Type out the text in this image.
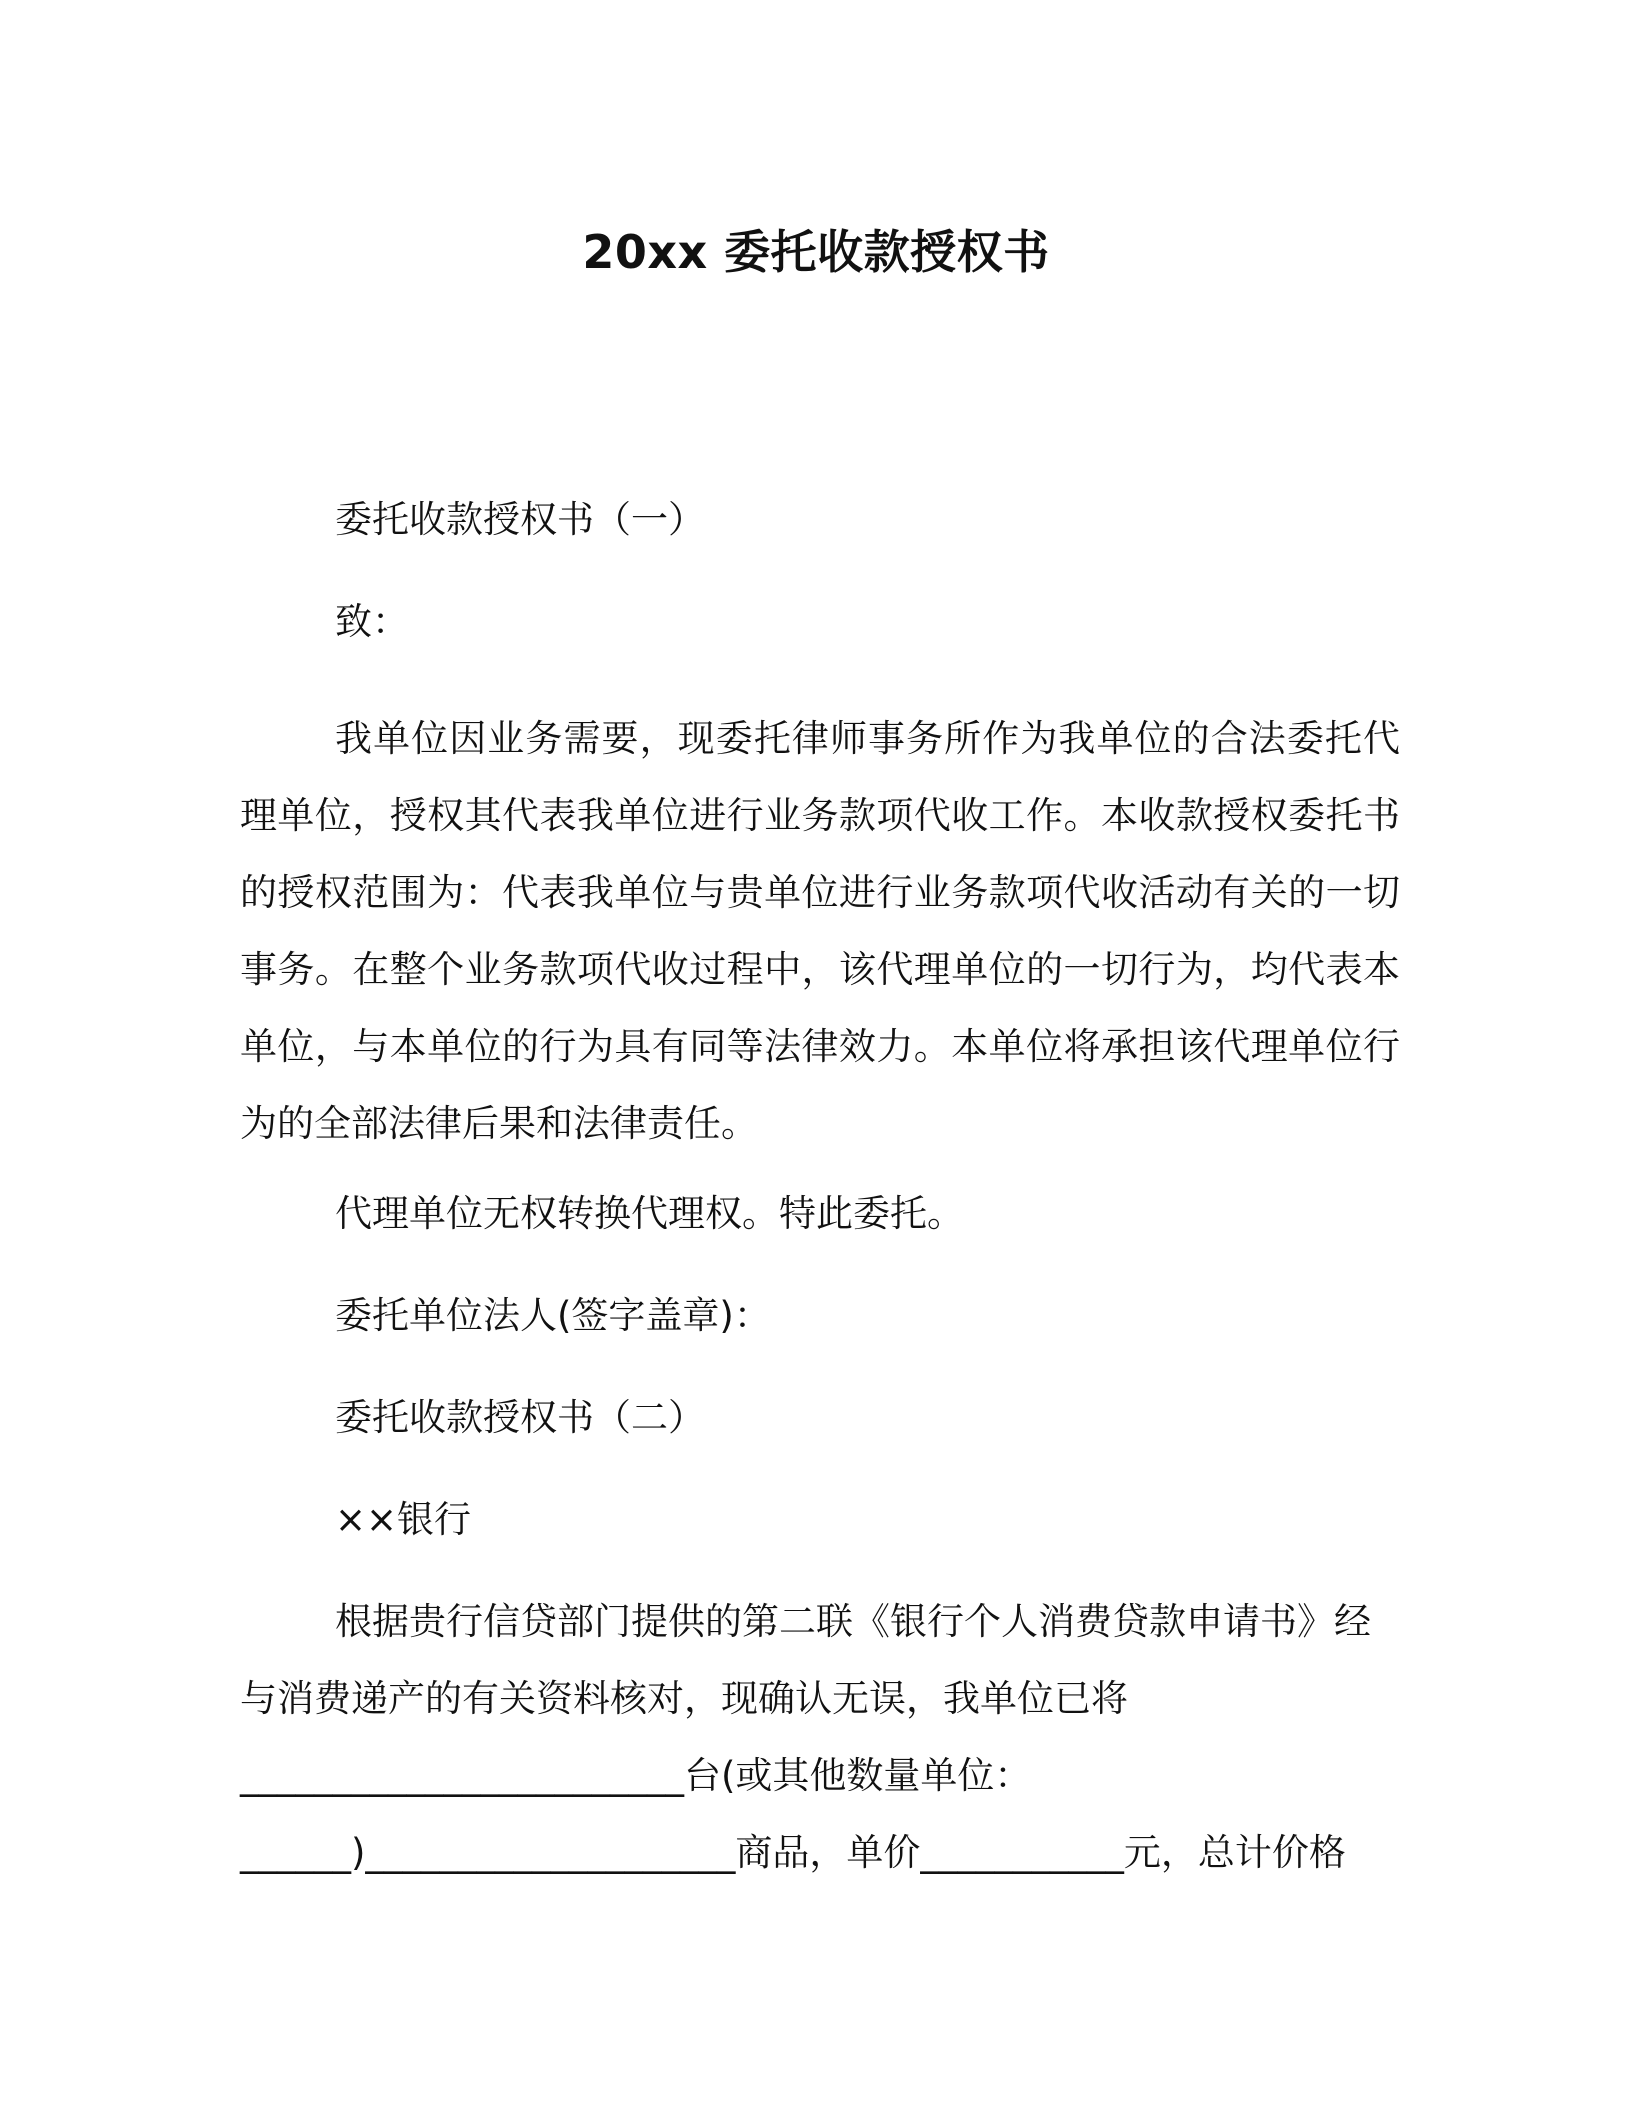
20xx 委托收款授权书
委托收款授权书（一）
致：
我单位因业务需要，现委托律师事务所作为我单位的合法委托代理单位，授权其代表我单位进行业务款项代收工作。本收款授权委托书的授权范围为：代表我单位与贵单位进行业务款项代收活动有关的一切事务。在整个业务款项代收过程中，该代理单位的一切行为，均代表本单位，与本单位的行为具有同等法律效力。本单位将承担该代理单位行为的全部法律后果和法律责任。
代理单位无权转换代理权。特此委托。
委托单位法人(签字盖章)：
委托收款授权书（二）
××银行
根据贵行信贷部门提供的第二联《银行个人消费贷款申请书》经
与消费递产的有关资料核对，现确认无误，我单位已将
________________________台(或其他数量单位：
______)____________________商品，单价___________元，总计价格
